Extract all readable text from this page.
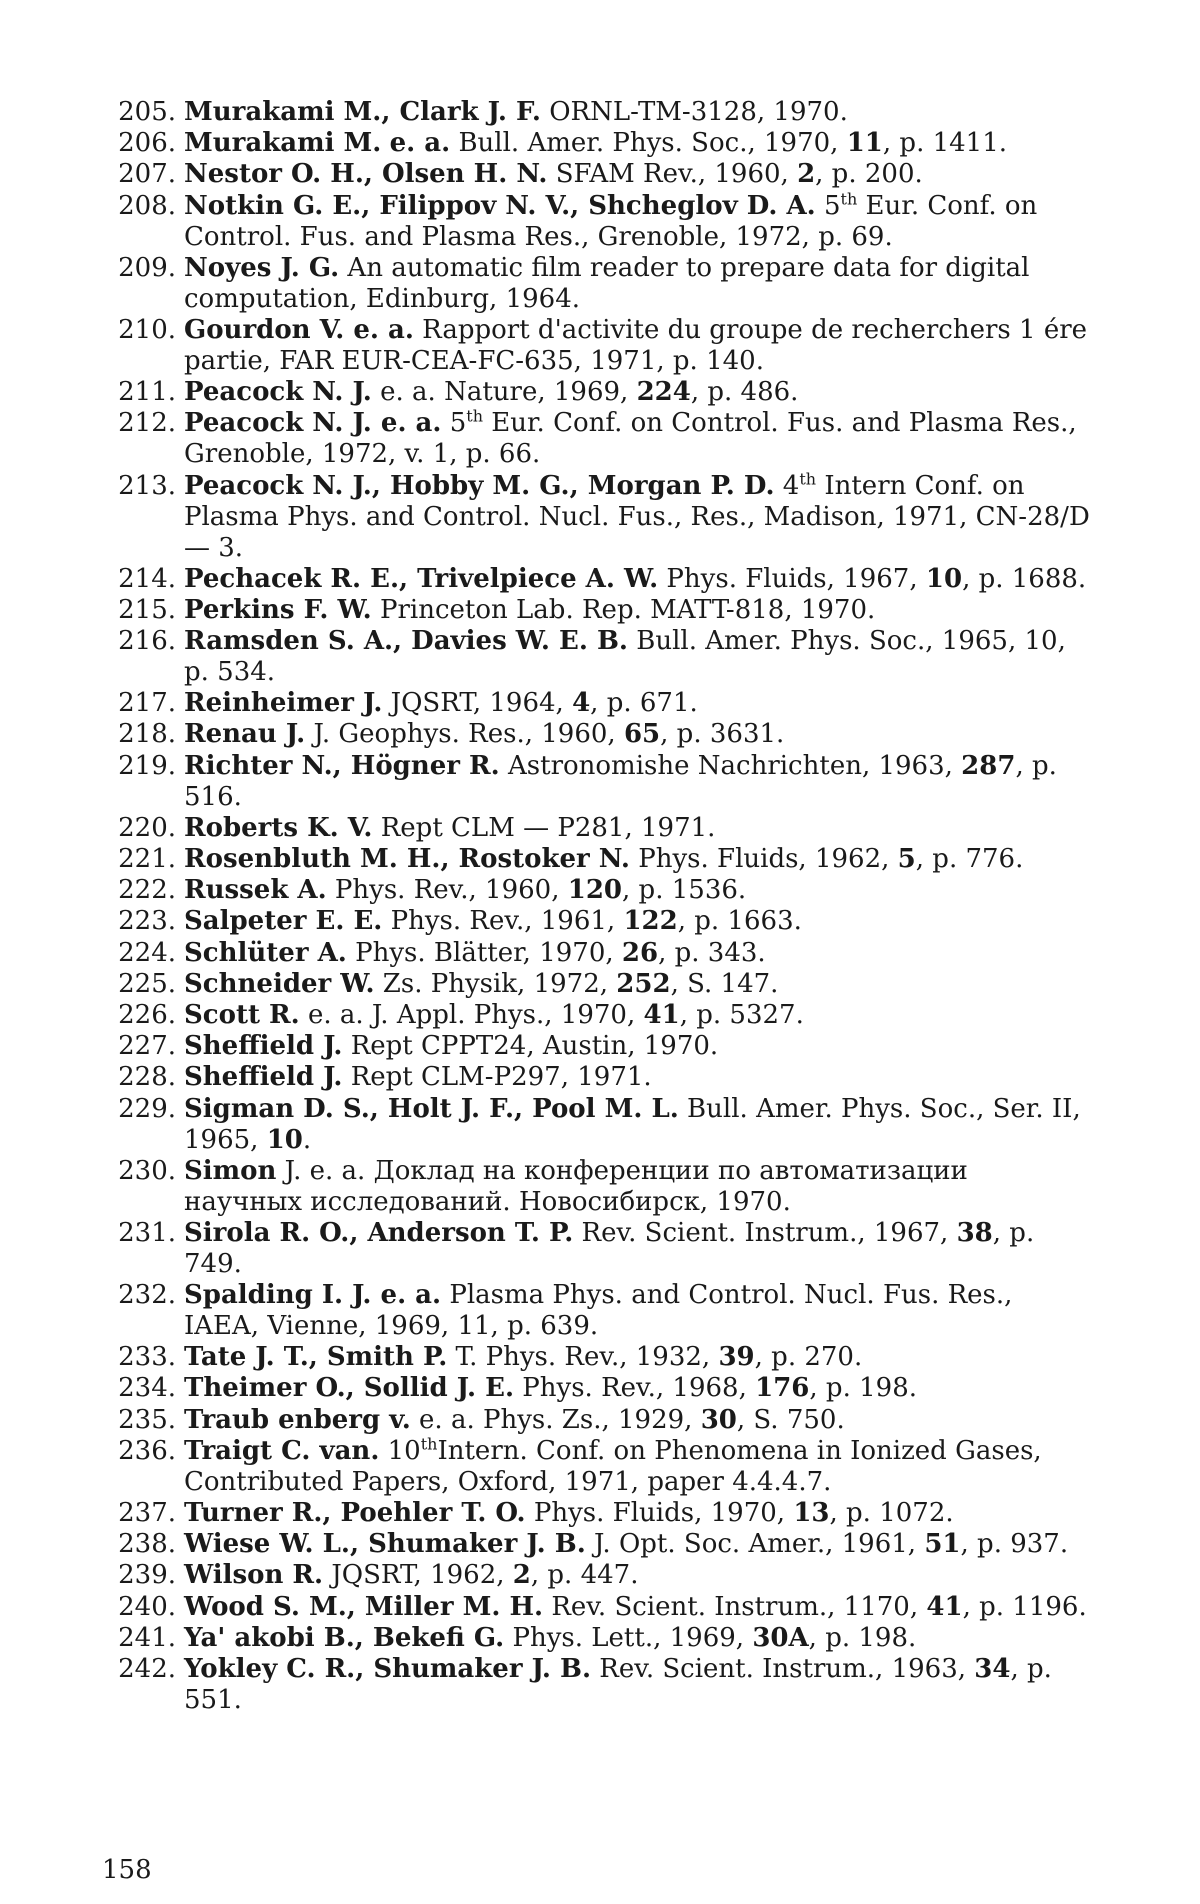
205. Murakami M., Clark J. F. ORNL-TM-3128, 1970.
206. Murakami M. e. a. Bull. Amer. Phys. Soc., 1970, 11, p. 1411.
207. Nestor O. H., Olsen H. N. SFAM Rev., 1960, 2, p. 200.
208. Notkin G. E., Filippov N. V., Shcheglov D. A. 5th Eur. Conf. on Control. Fus. and Plasma Res., Grenoble, 1972, p. 69.
209. Noyes J. G. An automatic film reader to prepare data for digital computation, Edinburg, 1964.
210. Gourdon V. e. a. Rapport d'activite du groupe de recherchers 1 ére partie, FAR EUR-CEA-FC-635, 1971, p. 140.
211. Peacock N. J. e. a. Nature, 1969, 224, p. 486.
212. Peacock N. J. e. a. 5th Eur. Conf. on Control. Fus. and Plasma Res., Grenoble, 1972, v. 1, p. 66.
213. Peacock N. J., Hobby M. G., Morgan P. D. 4th Intern Conf. on Plasma Phys. and Control. Nucl. Fus., Res., Madison, 1971, CN-28/D — 3.
214. Pechacek R. E., Trivelpiece A. W. Phys. Fluids, 1967, 10, p. 1688.
215. Perkins F. W. Princeton Lab. Rep. MATT-818, 1970.
216. Ramsden S. A., Davies W. E. B. Bull. Amer. Phys. Soc., 1965, 10, p. 534.
217. Reinheimer J. JQSRT, 1964, 4, p. 671.
218. Renau J. J. Geophys. Res., 1960, 65, p. 3631.
219. Richter N., Högner R. Astronomishe Nachrichten, 1963, 287, p. 516.
220. Roberts K. V. Rept CLM — P281, 1971.
221. Rosenbluth M. H., Rostoker N. Phys. Fluids, 1962, 5, p. 776.
222. Russek A. Phys. Rev., 1960, 120, p. 1536.
223. Salpeter E. E. Phys. Rev., 1961, 122, p. 1663.
224. Schlüter A. Phys. Blätter, 1970, 26, p. 343.
225. Schneider W. Zs. Physik, 1972, 252, S. 147.
226. Scott R. e. a. J. Appl. Phys., 1970, 41, p. 5327.
227. Sheffield J. Rept CPPT24, Austin, 1970.
228. Sheffield J. Rept CLM-P297, 1971.
229. Sigman D. S., Holt J. F., Pool M. L. Bull. Amer. Phys. Soc., Ser. II, 1965, 10.
230. Simon J. e. a. Доклад на конференции по автоматизации научных исследований. Новосибирск, 1970.
231. Sirola R. O., Anderson T. P. Rev. Scient. Instrum., 1967, 38, p. 749.
232. Spalding I. J. e. a. Plasma Phys. and Control. Nucl. Fus. Res., IAEA, Vienne, 1969, 11, p. 639.
233. Tate J. T., Smith P. T. Phys. Rev., 1932, 39, p. 270.
234. Theimer O., Sollid J. E. Phys. Rev., 1968, 176, p. 198.
235. Traub enberg v. e. a. Phys. Zs., 1929, 30, S. 750.
236. Traigt C. van. 10thIntern. Conf. on Phenomena in Ionized Gases, Contributed Papers, Oxford, 1971, paper 4.4.4.7.
237. Turner R., Poehler T. O. Phys. Fluids, 1970, 13, p. 1072.
238. Wiese W. L., Shumaker J. B. J. Opt. Soc. Amer., 1961, 51, p. 937.
239. Wilson R. JQSRT, 1962, 2, p. 447.
240. Wood S. M., Miller M. H. Rev. Scient. Instrum., 1170, 41, p. 1196.
241. Ya' akobi B., Bekefi G. Phys. Lett., 1969, 30A, p. 198.
242. Yokley C. R., Shumaker J. B. Rev. Scient. Instrum., 1963, 34, p. 551.
158
